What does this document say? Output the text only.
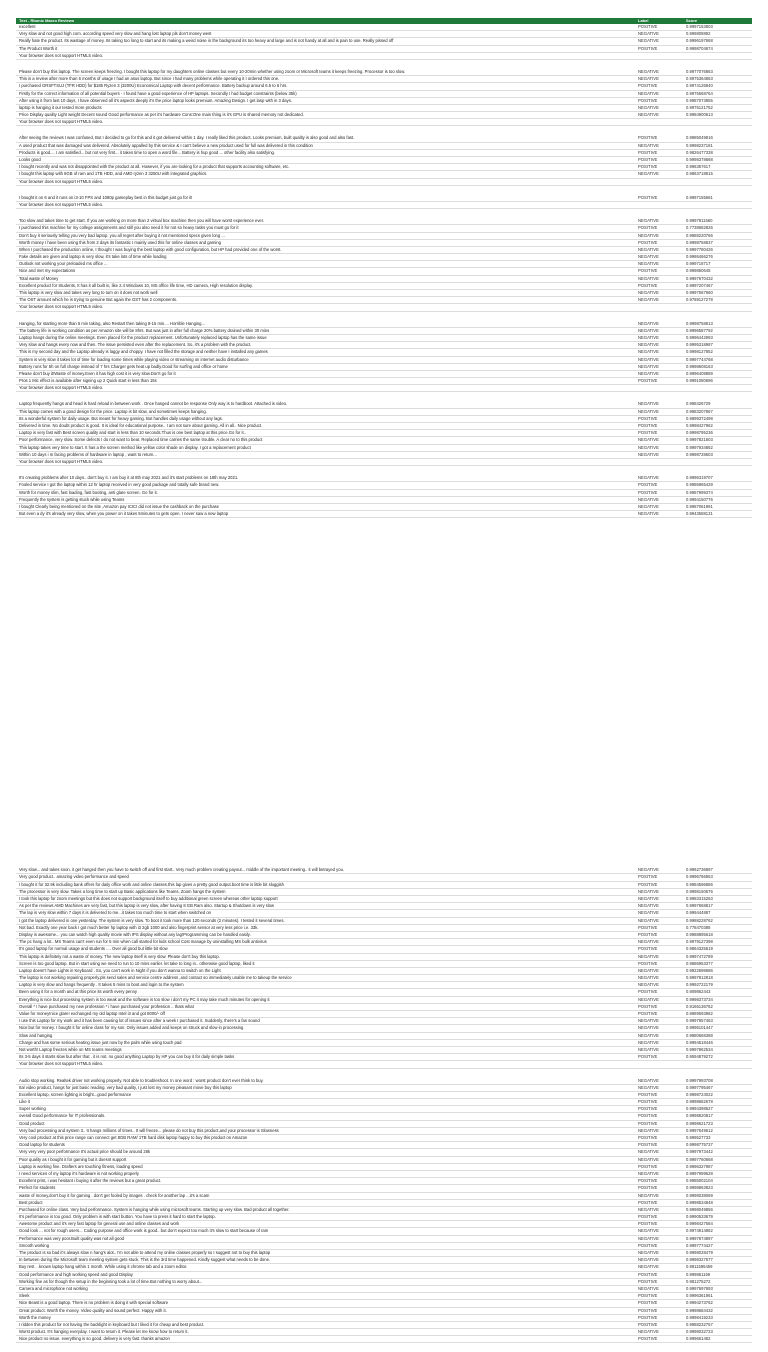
Text - Rbonic Macro Reviews	Label	Score
excellent	POSITIVE	0.9997153803
Very slow and not good high com. according speed very slow and hang lost laptop pls don't money west	NEGATIVE	0.999808892
Really hate the product. Its wastage of money. Its taking too long to start and its making a weird noise in the background its too heavy and large and is not handy at all and is pain to use. Really pissed off	NEGATIVE	0.9996197668
The Product Worth it	POSITIVE	0.9998704674
Your browser does not support HTML5 video.
Please don't buy this laptop. The screen keeps freezing. I bought this laptop for my daughters online classes but every 10-20min whether using zoom or Microsoft teams it keeps freezing. Processor is too slow.	NEGATIVE	0.9977076863
This is a review after more than 6 months of usage I had an asus laptop. But since I had many problems while operating it I ordered this one.	NEGATIVE	0.9975364863
I purchased GRSFTSUJ (TFR HDD) for $185 Ryzen 3 (3200U) Economical Laptop with decent performance. Battery backup around 6.5 to 6 hrs.	POSITIVE	0.9974126840
Firstly for the correct information of all potential buyers - I found have a good experience of HP laptops. Secondly I had budget constraints (below 35k)	NEGATIVE	0.9975568764
After using it from last 10 days, I have observed all it's aspects deeply it's the price laptop looks premium. Amazing Design. I get lasp with in 3 days.	POSITIVE	0.9987073855
laptop is hanging it our tested more products	NEGATIVE	0.9975121752
Price Display quality Light weight Decent sound Good performance as per it's hardware Cons:One main thing is it's GPU is shared memory not dedicated.	NEGATIVE	0.9984900613
Your browser does not support HTML5 video.
After seeing the reviews I was confused, But I decided to go for this and it got delivered within 1 day. I really liked this product. Looks premium, built quality is also good and also fast.	POSITIVE	0.9985049816
A used product that was damaged was delivered. Absolutely appalled by this service & I can't believe a new product used for full was delivered in this condition	NEGATIVE	0.9998237181
Products is good.... I am satisfied... but not very first... it takes time to open a word file... Battery is hup good ... other facility also satisfying.	POSITIVE	0.9826477338
Looks good	POSITIVE	0.9998378668
I bought recently and was not disappointed with the product at all. However, if you are looking for a product that supports accounting software, etc.	POSITIVE	0.996357617
I bought this laptop with 8GB of ram and 1TB HDD, and AMD ryzen 3 3250U with integrated graphics.	NEGATIVE	0.9863718815
Your browser does not support HTML5 video.
I bought it on 6 and it runs on i3-10 FPS and 1080p gameplay best in this budget just go for it!	POSITIVE	0.9997155681
Your browser does not support HTML5 video.
Too slow and takes time to get start. If you are working on more than 2 virtual box machine then you will have worst experience ever.	NEGATIVE	0.9997811560
I purchased this machine for my college assignments and still you also need it for not so heavy tasks you must go for it	POSITIVE	0.7738682826
Don't buy it seriously telling you very bad laptop. you all regret after buying it not mentioned specs given long ...	NEGATIVE	0.9988220766
Worth money I have been using this from 2 days its fantastic I mainly used this for online classes and gaming	POSITIVE	0.9998758837
When I purchased the production online, I thought I was buying the best laptop with good configuration, but HP had provided one of the worst.	NEGATIVE	0.9997780426
Fake details are given and laptop is very slow, it's take lots of time while loading	NEGATIVE	0.9986466276
Outlook not working your preloaded ms office ...	NEGATIVE	0.999718717
Nice and met my expectations	POSITIVE	0.999860645
Total waste of Money	NEGATIVE	0.9997670432
Excellent product for Students, It has it all built in, like 2.4 Windows 10, MS office life time, HD camera, High resolution display.	POSITIVE	0.9997207467
This laptop is very slow and takes very long to turn on it does not work well	NEGATIVE	0.9997587660
The OST amount which he is trying to genuine But again the GST has 2 components.	NEGATIVE	0.9789127278
Your browser does not support HTML5 video.
Hanging, for starting more than 5 min taking, also Restart then taking 8-15 min.... Horrible Hanging...	NEGATIVE	0.9998758813
The battery life in working condition as per Amazon site will be 8hrs. But was just in after full charge 20% battery drained within 30 mins	NEGATIVE	0.9996587792
Laptop hangs during the online meetings. Even placed for the product replacement. Unfortunately replaced laptop has the same issue	NEGATIVE	0.9996442993
Very slow and hangs every now and then. The issue persisted even after the replacement. So, it's a problem with the product.	NEGATIVE	0.9995318987
This is my second day and the Laptop already is laggy and choppy. I have not filled the storage and neither have I installed any games	NEGATIVE	0.9998127852
System is very slow it takes lot of time for loading some times while playing video or streaming on internet audio disturbance	NEGATIVE	0.9997744768
Battery runs for 5h on full charge instead of 7 hrs Charger gets heat up badly.Good for surfing and office or home	NEGATIVE	0.9998608163
Please don't buy it!Waste of money.Even it has high cost it is very slow.Don't go for it	NEGATIVE	0.9996408889
Pros 1 Mic effect is available after signing up 2 Quick start in less than 15s	POSITIVE	0.9991080696
Your browser does not support HTML5 video.
Laptop frequently hangs and head is hard reload in between work . Once hanged cannot be response Only way is to hardboot. Attached is video.	NEGATIVE	0.998426729
This laptop comes with a good design for the price. Laptop is bit slow, and sometimes keeps hanging.	NEGATIVE	0.9983207867
Its a wonderful system for daily usage. But meant for heavy gaming. But handles daily usage without any lags.	POSITIVE	0.9899372498
Delivered in time. No doubt product is good. It is ideal for educational purpose.. I am not sure about gaming. All in all.. Nice product.	POSITIVE	0.9998427962
Laptop is very fast with Best screen quality and start in less than 10 seconds.Thus is one best laptop at this price.Go for it..	POSITIVE	0.9998795236
Poor performance, very slow. Some defects I do not want to bear. Replaced time carries the same trouble. A clear no to this product	NEGATIVE	0.9997821603
This laptop takes very time to start. It has a the screen method like yellow color shade on display. I got a replacement product	NEGATIVE	0.9997934862
Within 10 days i m facing problems of hardware in laptop , want to return...	NEGATIVE	0.9998728603
Your browser does not support HTML5 video.
It's creating problems after 10 days.. don't buy it. I am buy it at 8th may 2021 and it's start problems on 18th may 2021.	NEGATIVE	0.9996319707
Fooled service I got the laptop within 12 hr laptop received in very good package and totally safe brand new.	POSITIVE	0.9986965429
Worth for money slim, fast loading, fast booting, anti glare screen. Go for it.	POSITIVE	0.9987999374
Frequently the system is getting stuck while using Teams	NEGATIVE	0.9994150776
I bought Clearly being mentioned on the site ,Amazon pay ICICI did not issue the cashback on the purchase	NEGATIVE	0.9987061991
But even a dy it's already very slow, when you power on it takes 5minutes to gets open. I never saw a new laptop	NEGATIVE	0.9943588131
Very slow... and takes soon. it get hanged then you have to switch off and first start.. Very much problem creating payout... middle of the important meeting.. it will betrayed you.	NEGATIVE	0.9962736897
Very good product.. amazing video performance and speed	POSITIVE	0.9996766953
I bought it for 32.9k including bank offers for daily office work and online classes.this lap gives a pretty good output.boot time is little bit sluggish	POSITIVE	0.9984596886
The processor is very slow. Takes a long time to start up Basic applications like Teams, Zoom hangs the system	NEGATIVE	0.9998150676
I took this laptop for zoom meetings but this does not support background itself to buy additional green screen whereas other laptop support	NEGATIVE	0.9983315263
As per the reviews AMD Machines are very fast, but this laptop is very slow, after having 8 GB Ram also. Startup & Shutdown is very slow	NEGATIVE	0.9997668817
The lap is very slow within 7 days it is delivered to me...it takes too much time to start when switched on	NEGATIVE	0.999444887
I got the laptop delivered in one yesterday. The system is very slow. To boot it took more than 120 seconds (2 minutes). I tested it several times.	NEGATIVE	0.9988228762
Not bad. Exactly one year back I got much better hp laptop with i3 2gb 1000 and also fingerprint sensor at very less price i.e. 33k.	POSITIVE	0.778470388
Display is awesome... you can watch high quality movie with IPS display without any lag!Programming can be handled easily.	POSITIVE	0.9988895618
The pc hang a lot.. MS Teams can't even run for 5 min when call started for kids school Cost manage by uninstalling MS bulk antivirus	NEGATIVE	0.9979127398
It's good laptop for normal usage and students .... Over all good but little bit slow	POSITIVE	0.9864325619
This laptop is definitely not a waste of money. The new laptop itself is very slow. Please don't buy this laptop.	NEGATIVE	0.9997472789
Screen is too good laptop. But in start using we need to run to 10 mins earlier. let take to long in.. otherwise good laptop, liked it	POSITIVE	0.9886953377
Laptop doesn't have Lights in Keyboard . So, you can't work in Night if you don't wanna to switch on the Light	NEGATIVE	0.9922698686
The laptop is not working repairing properly.pls send sales and service centre address ,and contact so immediately unable me to takeup the service	NEGATIVE	0.9997812818
Laptop is very slow and hangs frequently . It takes 5 mins to boot and login to the system	NEGATIVE	0.9992722179
Been using it for a month and at this price its worth every penny	POSITIVE	0.909862443
Everything is nice but processing system is too weak and the software is too slow i don't my PC it may take much minutes for opening it	NEGATIVE	0.9998373734
Overall * I have purchased my new profession * i have purchased your profession .. thats what	POSITIVE	0.9166136762
Value for money!nice glare! exchanged my old laptop Intel i3 and got 8000/- off	POSITIVE	0.9989593982
I use this Laptop for my work and it has been causing lot of issues since after a week I purchased it. Suddenly, there's a fan sound	NEGATIVE	0.9997857463
Nice:but for money. I bought it for online class for my son. Only issues added and keeps on struck and slow in processing	NEGATIVE	0.9996101447
Slow and hanging	NEGATIVE	0.9980668388
Charge and has some serious heating issue just now by the palm while using touch pad	NEGATIVE	0.9994518446
Not worth! Laptop freezes while on MS teams meetings	NEGATIVE	0.9997862534
Its 3-5 days it starts slow but after that . it is not. no good anything Laptop by HP you can buy it for daily simple tasks	POSITIVE	0.9594879272
Your browser does not support HTML5 video.
Audio stop working. Realtek driver not working properly. Not able to troubleshoot. In one word : worst product don't ever think to buy.	NEGATIVE	0.9997993708
Ital video product, hangs for just basic reading. very bad quality, I just lost my money pleasant move buy this laptop	NEGATIVE	0.9997795467
Excellent laptop, screen lighting is bright...good performance	POSITIVE	0.9998724022
Like it	POSITIVE	0.9998682678
Super working	POSITIVE	0.9994398627
overall Good performance for IT professionals.	POSITIVE	0.9998820817
Good product	POSITIVE	0.9998621723
Very bad processing and system 3.. It hangs millions of times.. It will freeze... please do not buy this product,and your processor is Slowness	NEGATIVE	0.9997649612
Very cool product at this price range can connect get 8GB RAM/ 1TB hard disk laptop happy to buy this product on Amazon	POSITIVE	0.999527733
Good laptop for students	POSITIVE	0.9998775737
Very very very poor performance It's actual price should be around 25k	NEGATIVE	0.9997973442
Poor quality as I bought it for gaming but it doesnt support	NEGATIVE	0.9997760668
Laptop is working fine. Drafters are touching fitness, loading speed	POSITIVE	0.9996327987
I need services of my laptop it's hardware is not working properly	NEGATIVE	0.9997999628
Excellent print, i was hesitant i buying it after the reviews but a great product.	POSITIVE	0.9985002104
Perfect for students	POSITIVE	0.9998863823
waste of money,don't buy it for gaming . don't get fooled by images . check for another lap ...it's a scam	NEGATIVE	0.9998038069
Best product	POSITIVE	0.9998534848
Purchased for online class. Very bad performance. System is hanging while using microsoft teams. Starting up very slow. Bad product all together.	NEGATIVE	0.9998049856
It's performance is too good. Only problem is with start button. You have to press it hard to start the laptop.	POSITIVE	0.9990533679
Awesome product and it's very fast laptop for general use and online classes and work	POSITIVE	0.9998427584
Good look ... not for rough users... Coding purpose and office work is good.. but don't expect too much it's slow to start because of ram	NEGATIVE	0.9974914862
Performance was very poor.Built quality was not all good	NEGATIVE	0.9997874897
Smooth working	POSITIVE	0.9997774427
The product is so bad it's always slow n hang's alot.. I'm not able to attend my online classes properly so I suggest not to buy this laptop	NEGATIVE	0.9998028479
In between during the Microsoft team meeting system gets stuck. This is the 3rd time happened. Kindly suggest what needs to be done.	NEGATIVE	0.9998327677
Buy rest . .known laptop hang within 1 month. While using it chrome tab and a zoom editor.	NEGATIVE	0.9911595459
Good performance and high working speed and good Display	POSITIVE	0.999861169
Working fine as for though the setup in the beginning took a lot of time.But nothing to worry about...	POSITIVE	0.981275272
Camera and microphone not working	NEGATIVE	0.9997697693
Sleek	POSITIVE	0.9996361961
Nice Beast is a good laptop. There is no problem is doing it with special software	POSITIVE	0.9994273762
Great product. Worth the money. Video quality and sound perfect. Happy with it.	POSITIVE	0.9998684432
Worth the money	POSITIVE	0.9998419233
I ridden this product for not having the backlight in keyboard but I liked it for cheap and best product.	POSITIVE	0.9988232757
Worst product. It's hanging everyday. I want to return it. Please let me know how to return it.	NEGATIVE	0.9998032723
Nice product no issue. everything is so good. delivery is very fast. thanks amazon	POSITIVE	0.999661482
